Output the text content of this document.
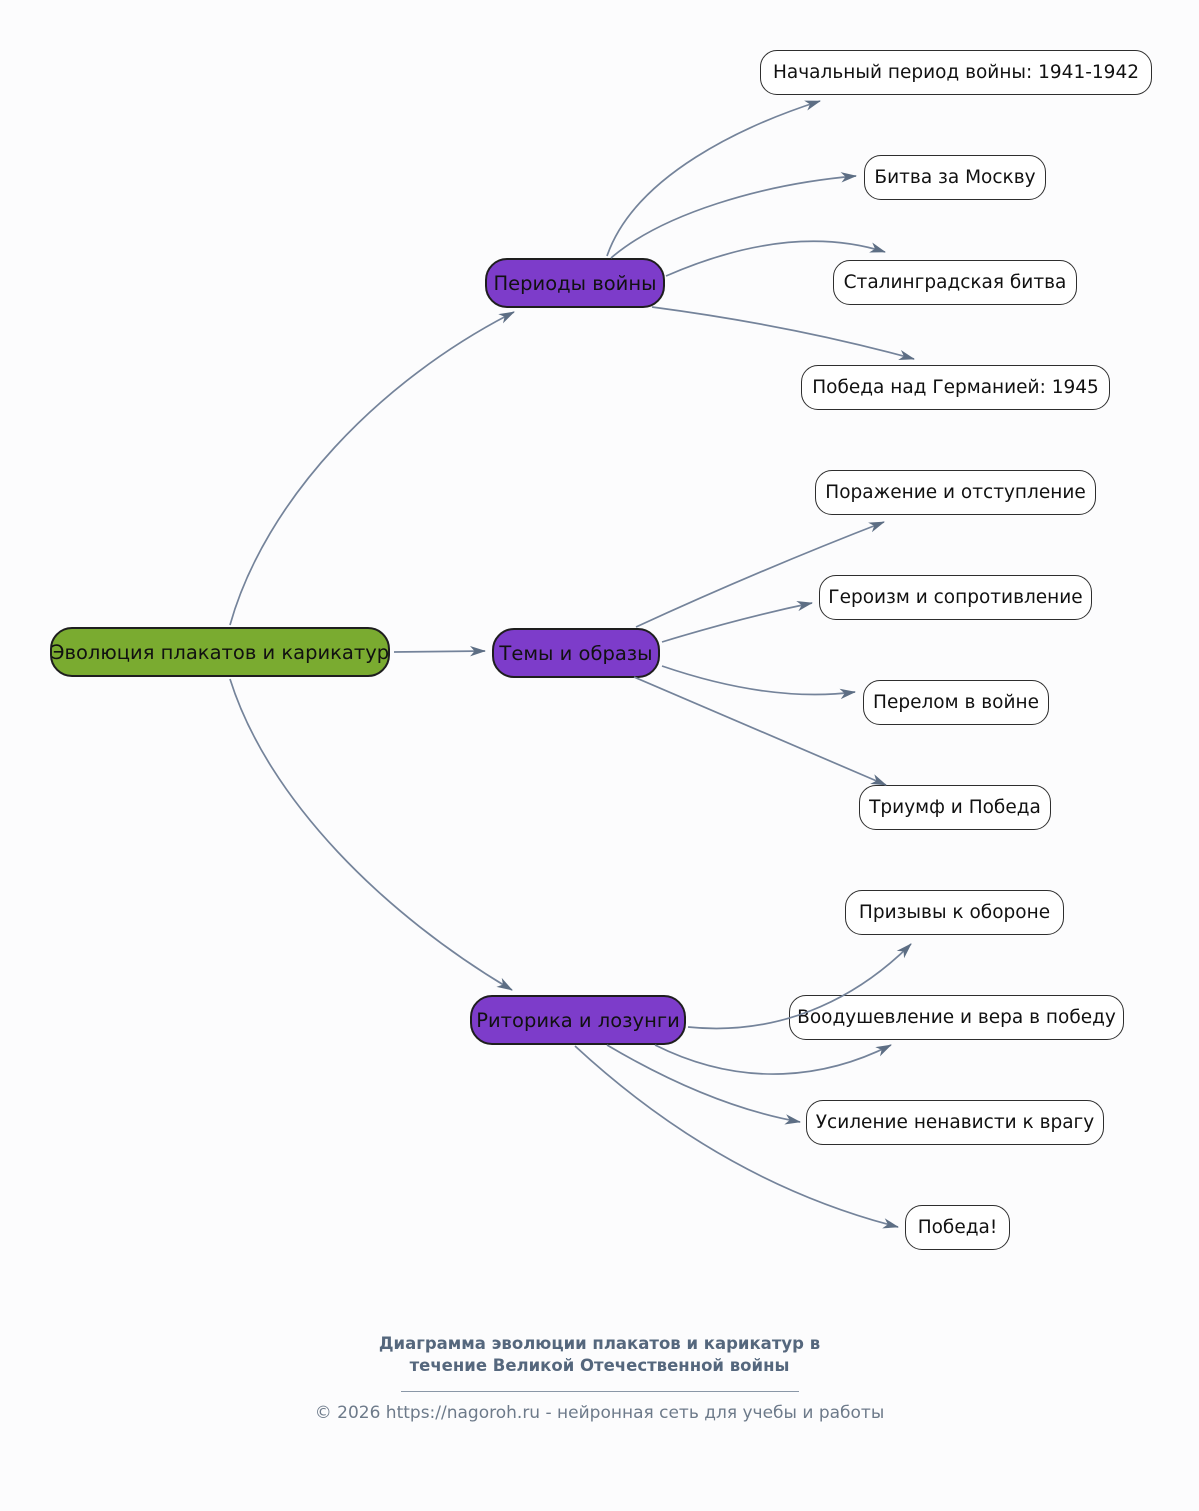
Эволюция плакатов и карикатур
Периоды войны
Темы и образы
Риторика и лозунги
Начальный период войны: 1941-1942
Битва за Москву
Сталинградская битва
Победа над Германией: 1945
Поражение и отступление
Героизм и сопротивление
Перелом в войне
Триумф и Победа
Призывы к обороне
Воодушевление и вера в победу
Усиление ненависти к врагу
Победа!
Диаграмма эволюции плакатов и карикатур в
течение Великой Отечественной войны
© 2026 https://nagoroh.ru - нейронная сеть для учебы и работы
